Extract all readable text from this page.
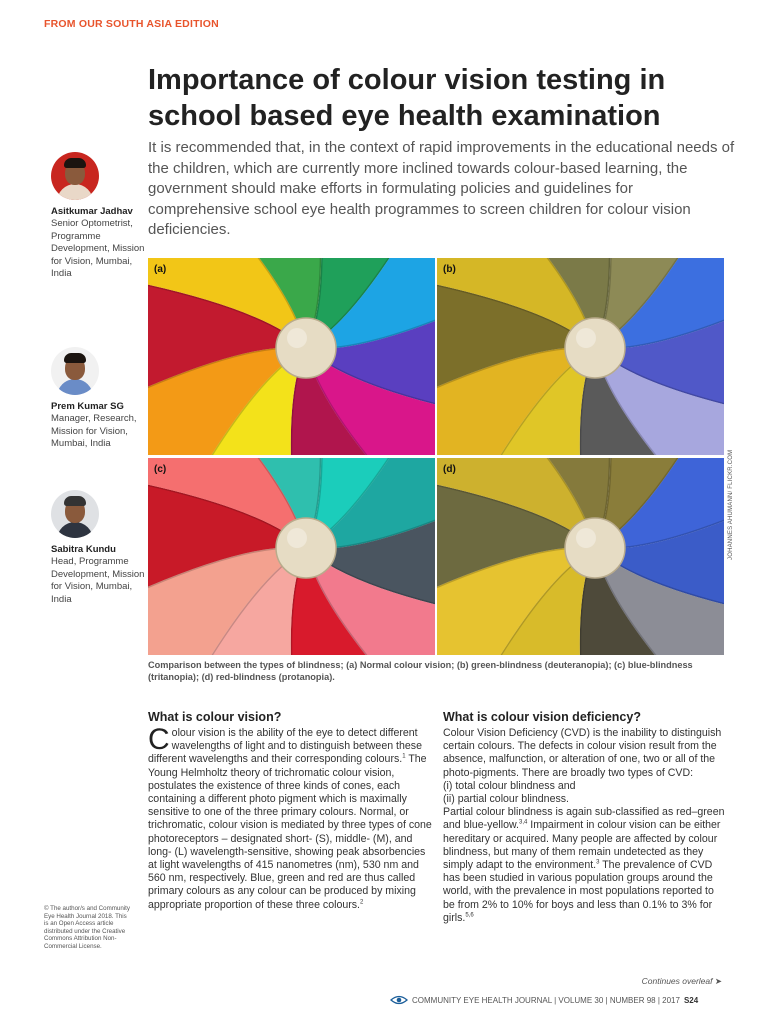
FROM OUR SOUTH ASIA EDITION
Importance of colour vision testing in school based eye health examination

It is recommended that, in the context of rapid improvements in the educational needs of the children, which are currently more inclined towards colour-based learning, the government should make efforts in formulating policies and guidelines for comprehensive school eye health programmes to screen children for colour vision deficiencies.

Asitkumar Jadhav
Senior Optometrist, Programme Development, Mission for Vision, Mumbai, India
Prem Kumar SG
Manager, Research, Mission for Vision, Mumbai, India
Sabitra Kundu
Head, Programme Development, Mission for Vision, Mumbai, India
(a)	(b)
(c)	(d)	JOHANNES AHUMANN/ FLICKR.COM

Comparison between the types of blindness; (a) Normal colour vision; (b) green-blindness (deuteranopia); (c) blue-blindness (tritanopia); (d) red-blindness (protanopia).

What is colour vision?

Colour vision is the ability of the eye to detect different wavelengths of light and to distinguish between these different wavelengths and their corresponding colours.$^1$ The Young Helmholtz theory of trichromatic colour vision, postulates the existence of three kinds of cones, each containing a different photo pigment which is maximally sensitive to one of the three primary colours. Normal, or trichromatic, colour vision is mediated by three types of cone photoreceptors – designated short- (S), middle- (M), and long- (L) wavelength-sensitive, showing peak absorbencies at light wavelengths of 415 nanometres (nm), 530 nm and 560 nm, respectively. Blue, green and red are thus called primary colours as any colour can be produced by mixing appropriate proportion of these three colours.$^2$

What is colour vision deficiency?

Colour Vision Deficiency (CVD) is the inability to distinguish certain colours. The defects in colour vision result from the absence, malfunction, or alteration of one, two or all of the photo-pigments. There are broadly two types of CVD:
(i) total colour blindness and
(ii) partial colour blindness.
Partial colour blindness is again sub-classified as red–green and blue-yellow.$^{3,4}$ Impairment in colour vision can be either hereditary or acquired. Many people are affected by colour blindness, but many of them remain undetected as they simply adapt to the environment.$^3$ The prevalence of CVD has been studied in various population groups around the world, with the prevalence in most populations reported to be from 2% to 10% for boys and less than 0.1% to 3% for girls.$^{5,6}$

© The author/s and Community Eye Health Journal 2018. This is an Open Access article distributed under the Creative Commons Attribution Non-Commercial License.
Continues overleaf ➤
COMMUNITY EYE HEALTH JOURNAL | VOLUME 30 | NUMBER 98 | 2017 S24
